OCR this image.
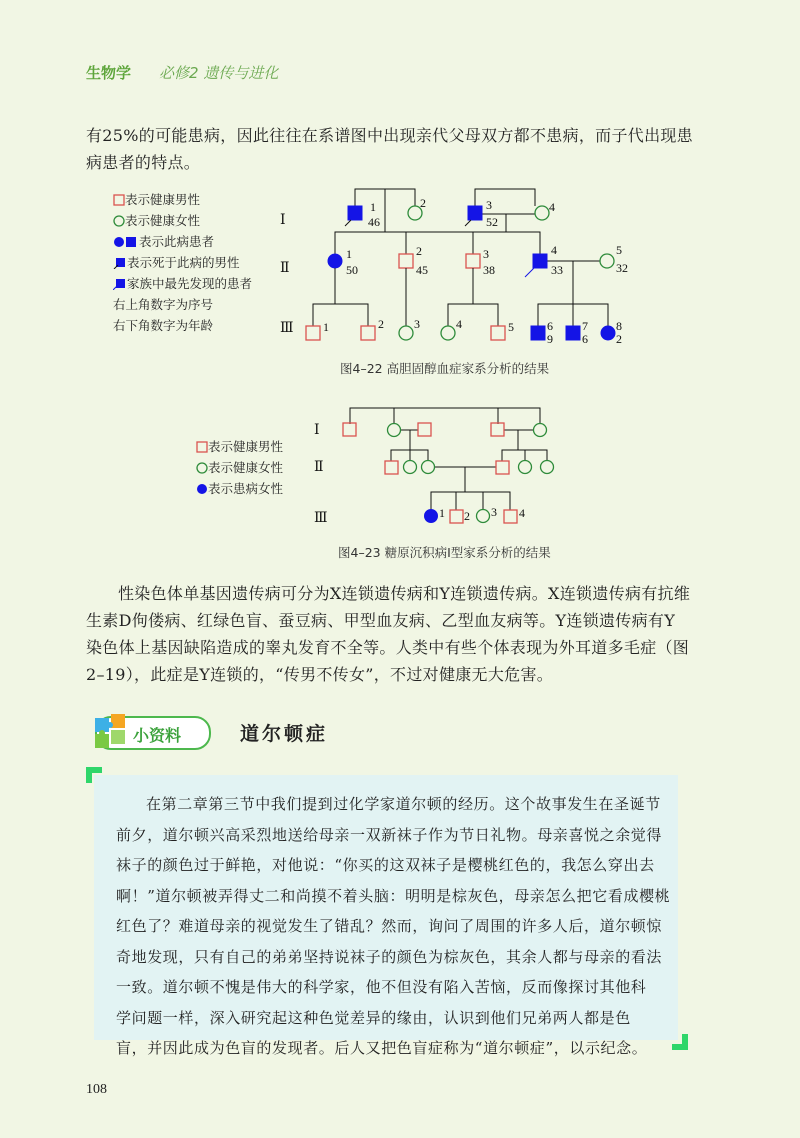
生物学 必修2 遗传与进化
有25%的可能患病，因此往往在系谱图中出现亲代父母双方都不患病，而子代出现患
病患者的特点。
表示健康男性
表示健康女性
表示此病患者
表示死于此病的男性
家族中最先发现的患者
右上角数字为序号
右下角数字为年龄
Ⅰ
Ⅱ
Ⅲ
1
46
2	3
52
4
1
50
2
45
3
38
4
33
5
32
1	2	3	4	5	6
9
7
6
8
2
图4–22 高胆固醇血症家系分析的结果
表示健康男性
表示健康女性
表示患病女性
Ⅰ
Ⅱ
Ⅲ	1 2 3 4
图4–23 糖原沉积病Ⅰ型家系分析的结果
性染色体单基因遗传病可分为X连锁遗传病和Y连锁遗传病。X连锁遗传病有抗维
生素D佝偻病、红绿色盲、蚕豆病、甲型血友病、乙型血友病等。Y连锁遗传病有Y
染色体上基因缺陷造成的睾丸发育不全等。人类中有些个体表现为外耳道多毛症（图
2–19），此症是Y连锁的，“传男不传女”，不过对健康无大危害。
小资料	道尔顿症
在第二章第三节中我们提到过化学家道尔顿的经历。这个故事发生在圣诞节
前夕，道尔顿兴高采烈地送给母亲一双新袜子作为节日礼物。母亲喜悦之余觉得
袜子的颜色过于鲜艳，对他说：“你买的这双袜子是樱桃红色的，我怎么穿出去
啊！”道尔顿被弄得丈二和尚摸不着头脑：明明是棕灰色，母亲怎么把它看成樱桃
红色了？难道母亲的视觉发生了错乱？然而，询问了周围的许多人后，道尔顿惊
奇地发现，只有自己的弟弟坚持说袜子的颜色为棕灰色，其余人都与母亲的看法
一致。道尔顿不愧是伟大的科学家，他不但没有陷入苦恼，反而像探讨其他科
学问题一样，深入研究起这种色觉差异的缘由，认识到他们兄弟两人都是色
盲，并因此成为色盲的发现者。后人又把色盲症称为“道尔顿症”，以示纪念。
108
